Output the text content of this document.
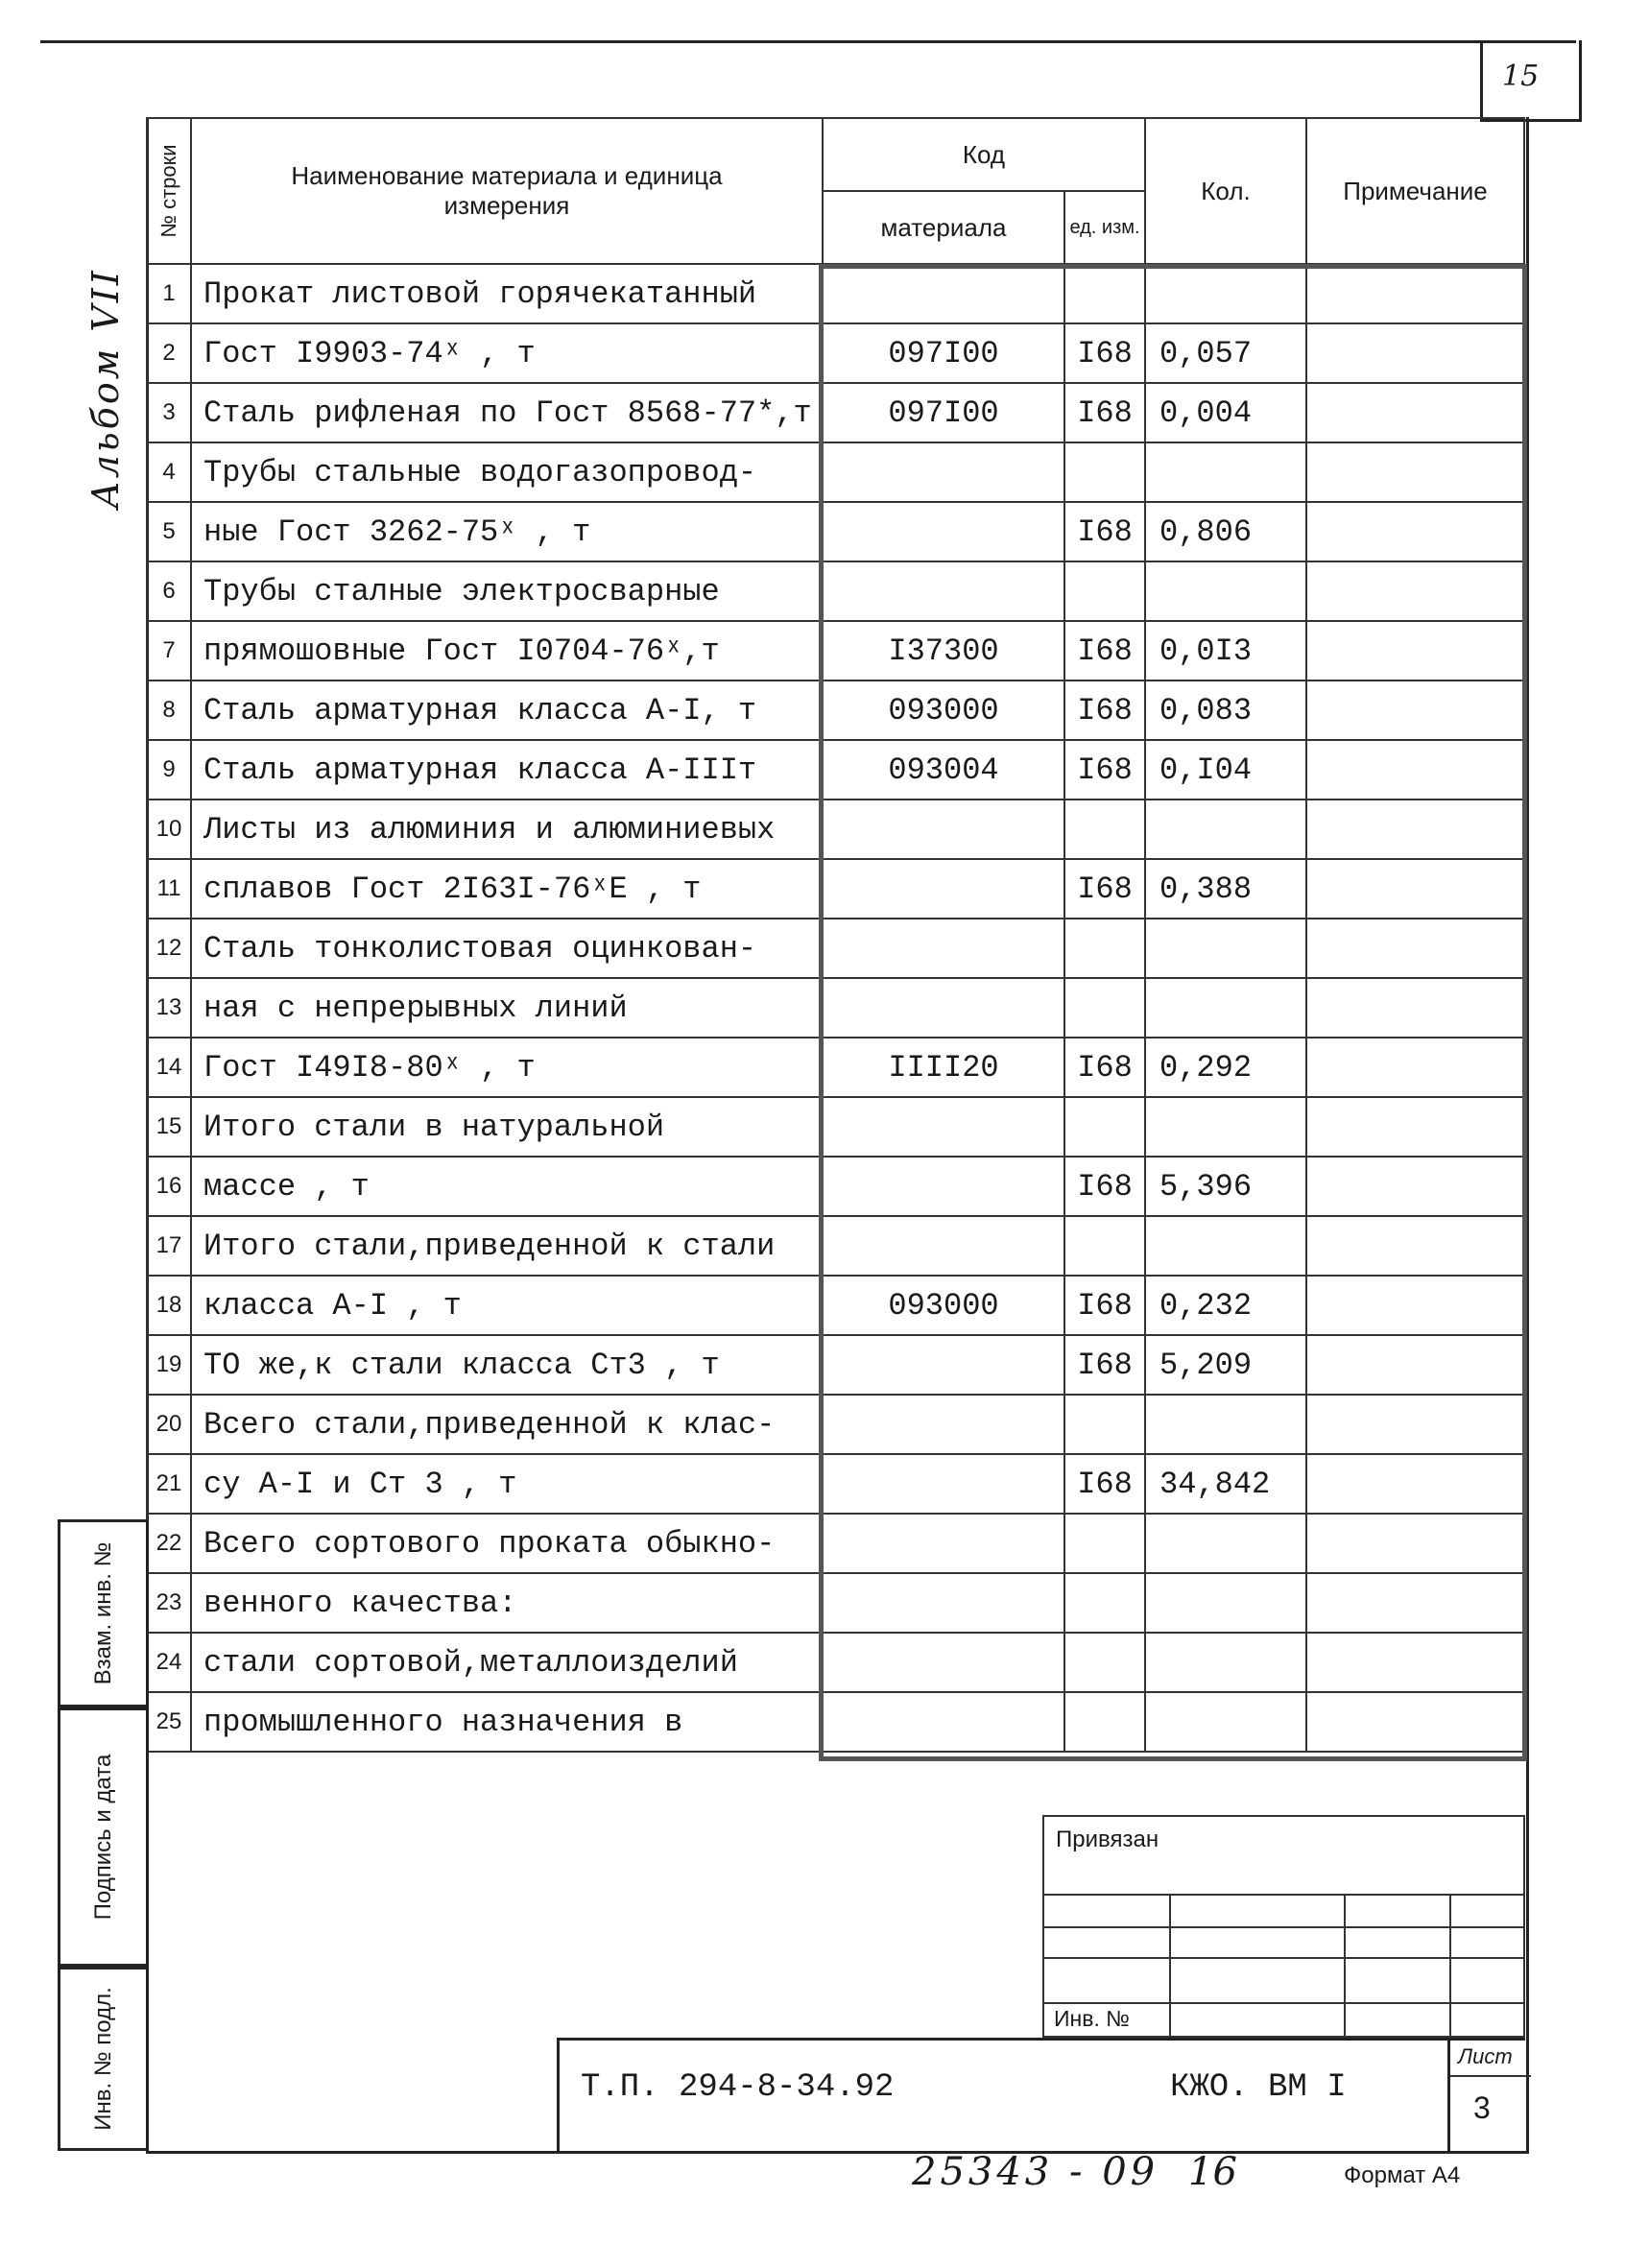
15
Альбом VII
№ строки	Наименование материала и единица измерения	Код		Кол.	Примечание
		материала	ед. изм.		
1	Прокат листовой горячекатанный				
2	Гост I9903-74ˣ , т	097I00	I68	0,057	
3	Сталь рифленая по Гост 8568-77*,т	097I00	I68	0,004	
4	Трубы стальные водогазопровод-				
5	ные Гост 3262-75ˣ , т		I68	0,806	
6	Трубы сталные электросварные				
7	прямошовные Гост I0704-76ˣ,т	I37300	I68	0,0I3	
8	Сталь арматурная класса А-I, т	093000	I68	0,083	
9	Сталь арматурная класса А-IIIт	093004	I68	0,I04	
10	Листы из алюминия и алюминиевых				
11	сплавов Гост 2I63I-76ˣЕ , т		I68	0,388	
12	Сталь тонколистовая оцинкован-				
13	ная с непрерывных линий				
14	Гост I49I8-80ˣ , т	IIII20	I68	0,292	
15	Итого стали в натуральной				
16	массе , т		I68	5,396	
17	Итого стали,приведенной к стали				
18	класса А-I , т	093000	I68	0,232	
19	ТО же,к стали класса Ст3 , т		I68	5,209	
20	Всего стали,приведенной к клас-				
21	су А-I и Ст 3 , т		I68	34,842	
22	Всего сортового проката обыкно-				
23	венного качества:				
24	стали сортовой,металлоизделий				
25	промышленного назначения в				
Взам. инв. №
Подпись и дата
Инв. № подл.
Привязан
Инв. №
Т.П. 294-8-34.92	КЖО. ВМ I
Лист
3
25343 - 09 16	Формат А4
